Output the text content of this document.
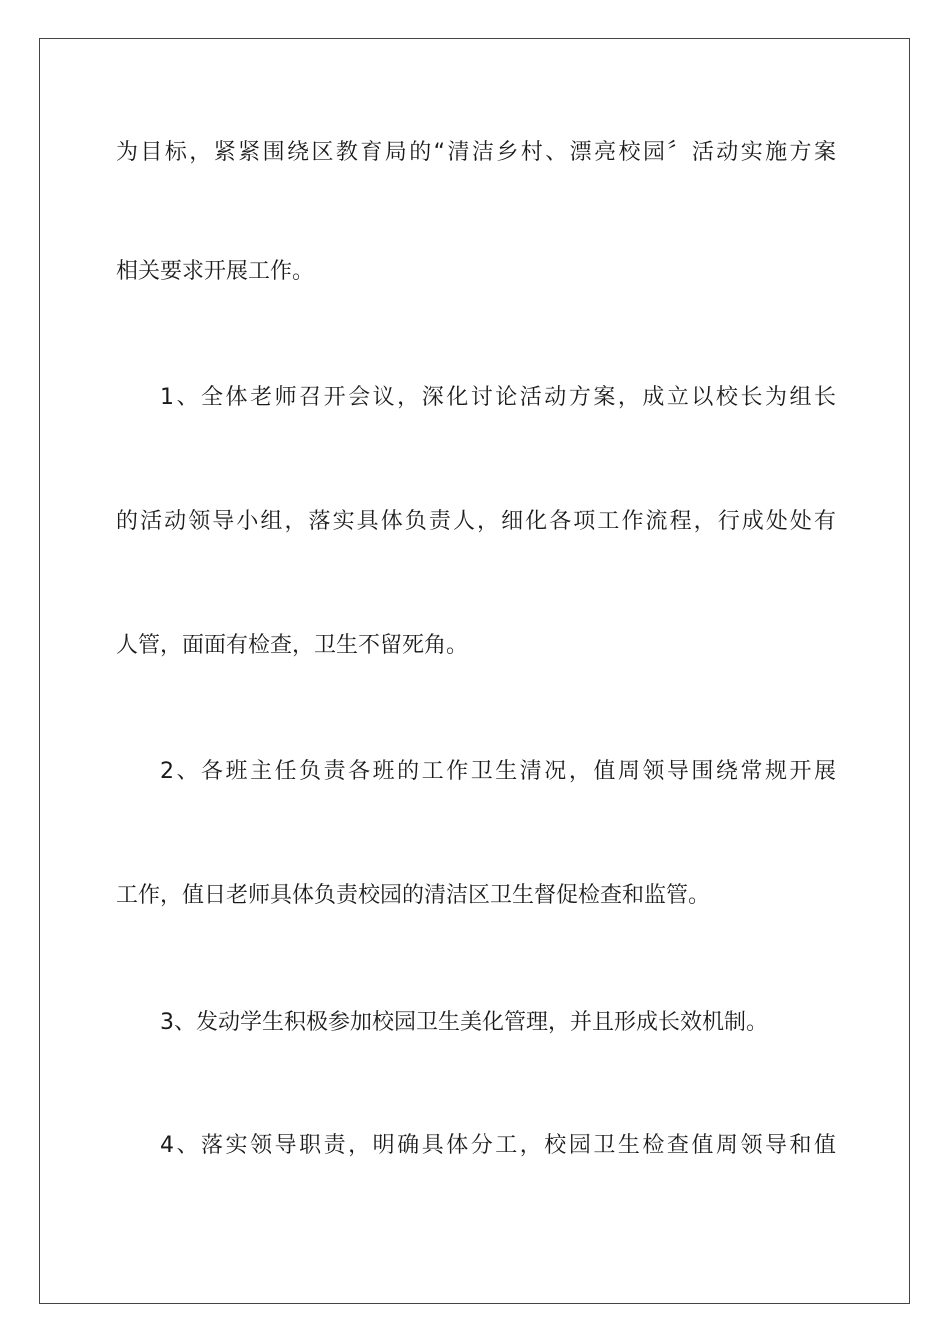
为目标，紧紧围绕区教育局的“清洁乡村、漂亮校园〞活动实施方案
相关要求开展工作。
1、全体老师召开会议，深化讨论活动方案，成立以校长为组长
的活动领导小组，落实具体负责人，细化各项工作流程，行成处处有
人管，面面有检查，卫生不留死角。
2、各班主任负责各班的工作卫生清况，值周领导围绕常规开展
工作，值日老师具体负责校园的清洁区卫生督促检查和监管。
3、发动学生积极参加校园卫生美化管理，并且形成长效机制。
4、落实领导职责，明确具体分工，校园卫生检查值周领导和值
